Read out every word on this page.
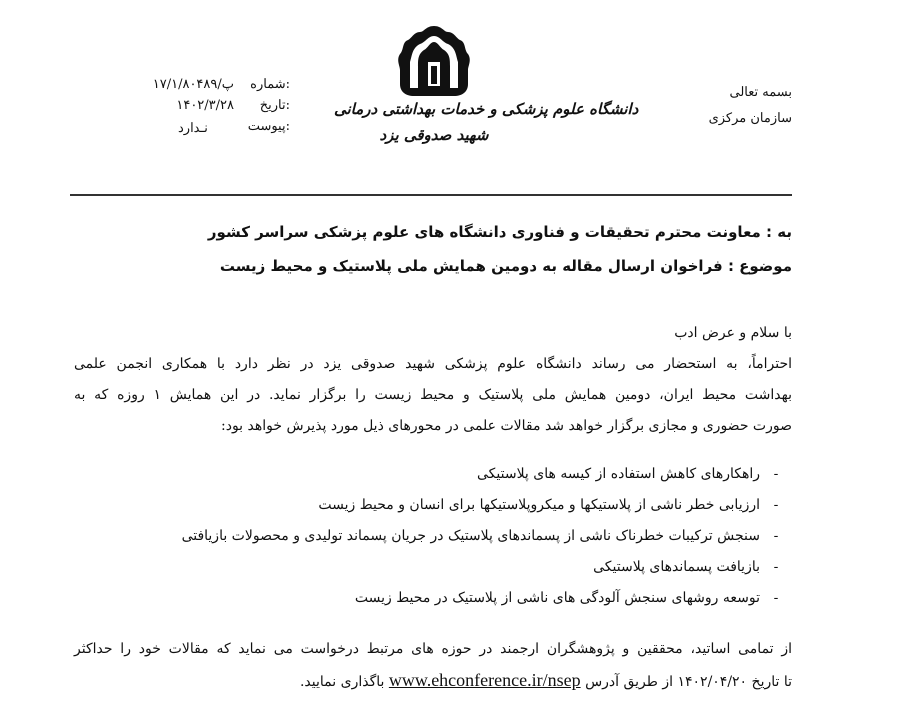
بسمه تعالی
سازمان مرکزی
دانشگاه علوم پزشکی و خدمات بهداشتی درمانی
شهید صدوقی یزد
شماره:
۱۷/۱/۸۰۴۸۹/پ
تاریخ:
۱۴۰۲/۳/۲۸
پیوست:
نـدارد
به : معاونت محترم تحقیقات و فناوری دانشگاه های علوم پزشکی سراسر کشور
موضوع : فراخوان ارسال مقاله به دومین همایش ملی پلاستیک و محیط زیست
با سلام و عرض ادب
احتراماً، به استحضار می رساند دانشگاه علوم پزشکی شهید صدوقی یزد در نظر دارد با همکاری انجمن علمی
بهداشت محیط ایران، دومین همایش ملی پلاستیک و محیط زیست را برگزار نماید. در این همایش ۱ روزه که به
صورت حضوری و مجازی برگزار خواهد شد مقالات علمی در محورهای ذیل مورد پذیرش خواهد بود:
-
راهکارهای کاهش استفاده از کیسه های پلاستیکی
-
ارزیابی خطر ناشی از پلاستیکها و میکروپلاستیکها برای انسان و محیط زیست
-
سنجش ترکیبات خطرناک ناشی از پسماندهای پلاستیک در جریان پسماند تولیدی و محصولات بازیافتی
-
بازیافت پسماندهای پلاستیکی
-
توسعه روشهای سنجش آلودگی های ناشی از پلاستیک در محیط زیست
از تمامی اساتید، محققین و پژوهشگران ارجمند در حوزه های مرتبط درخواست می نماید که مقالات خود را حداکثر
تا تاریخ ۱۴۰۲/۰۴/۲۰ از طریق آدرس www.ehconference.ir/nsep باگذاری نمایید.
